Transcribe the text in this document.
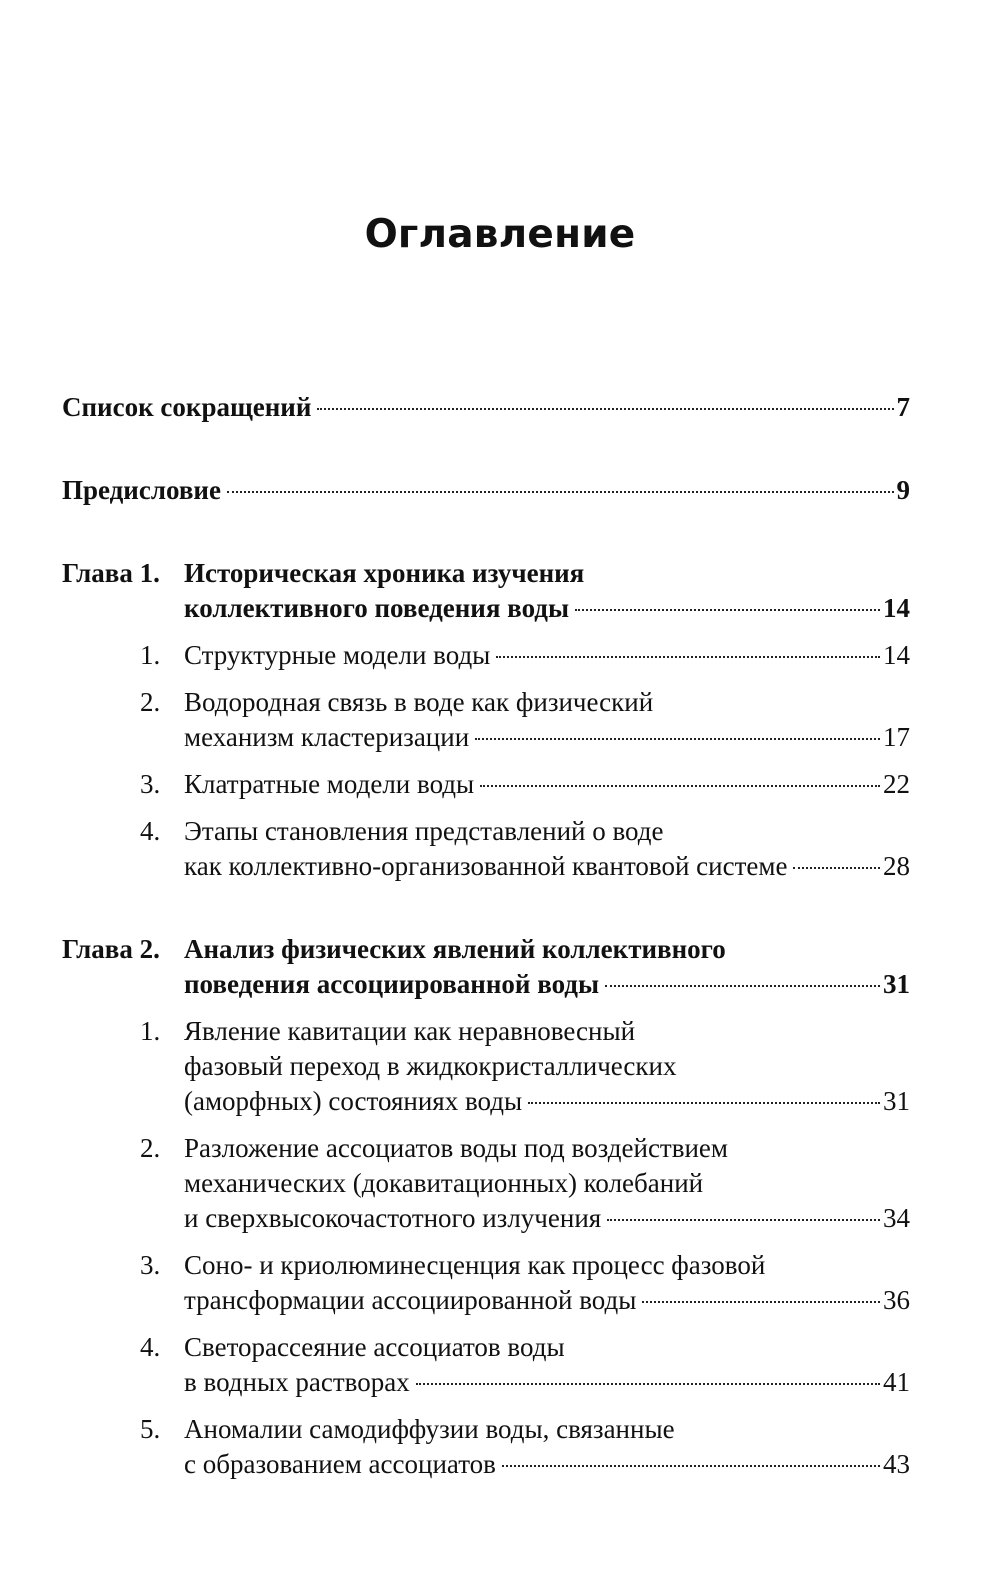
Оглавление
Список сокращений	7
Предисловие	9
Глава 1. Историческая хроника изучения
коллективного поведения воды	14
1. Структурные модели воды	14
2. Водородная связь в воде как физический
механизм кластеризации	17
3. Клатратные модели воды	22
4. Этапы становления представлений о воде
как коллективно-организованной квантовой системе	28
Глава 2. Анализ физических явлений коллективного
поведения ассоциированной воды	31
1. Явление кавитации как неравновесный
фазовый переход в жидкокристаллических
(аморфных) состояниях воды	31
2. Разложение ассоциатов воды под воздействием
механических (докавитационных) колебаний
и сверхвысокочастотного излучения	34
3. Соно- и криолюминесценция как процесс фазовой
трансформации ассоциированной воды	36
4. Светорассеяние ассоциатов воды
в водных растворах	41
5. Аномалии самодиффузии воды, связанные
с образованием ассоциатов	43
